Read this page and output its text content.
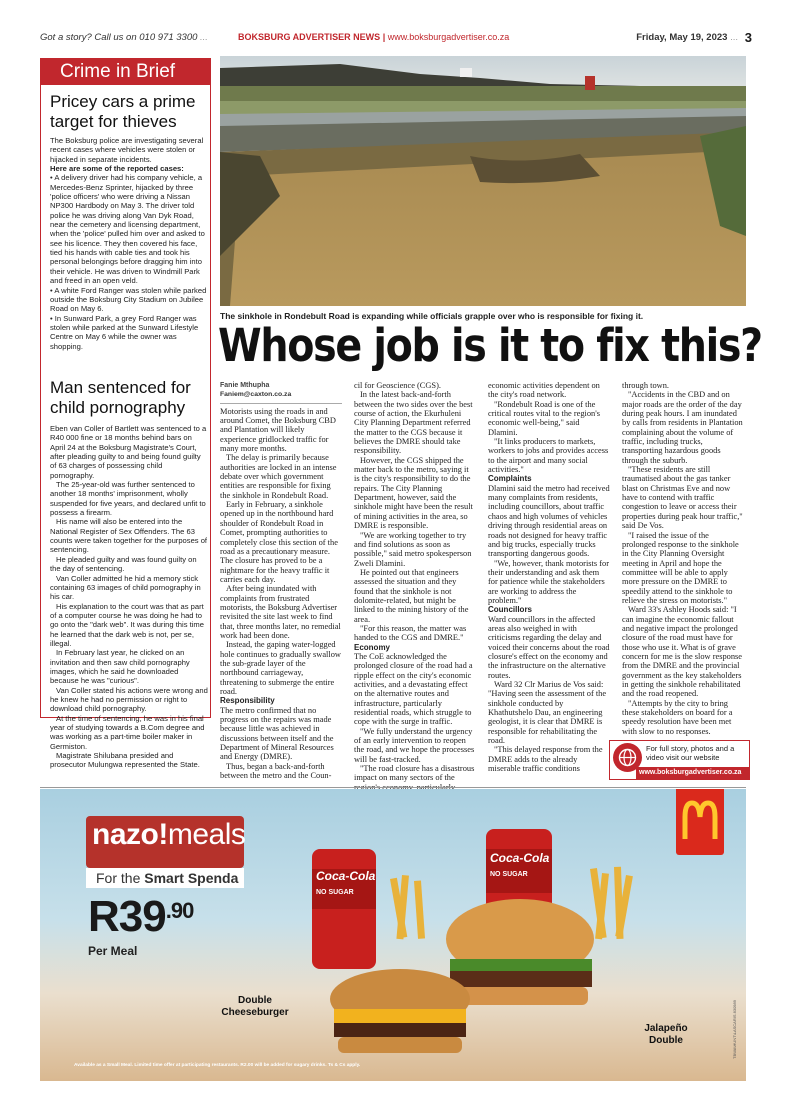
Got a story? Call us on 010 971 3300 ...	BOKSBURG ADVERTISER NEWS | www.boksburgadvertiser.co.za	Friday, May 19, 2023 ... 3
Crime in Brief
Pricey cars a prime target for thieves

The Boksburg police are investigating several recent cases where vehicles were stolen or hijacked in separate incidents.

Here are some of the reported cases:

• A delivery driver had his company vehicle, a Mercedes-Benz Sprinter, hijacked by three 'police officers' who were driving a Nissan NP300 Hardbody on May 3. The driver told police he was driving along Van Dyk Road, near the cemetery and licensing department, when the 'police' pulled him over and asked to see his licence. They then covered his face, tied his hands with cable ties and took his personal belongings before dragging him into their vehicle. He was driven to Windmill Park and freed in an open veld.

• A white Ford Ranger was stolen while parked outside the Boksburg City Stadium on Jubilee Road on May 6.

• In Sunward Park, a grey Ford Ranger was stolen while parked at the Sunward Lifestyle Centre on May 6 while the owner was shopping.

Man sentenced for child pornography

Eben van Coller of Bartlett was sentenced to a R40 000 fine or 18 months behind bars on April 24 at the Boksburg Magistrate's Court, after pleading guilty to and being found guilty of 63 charges of possessing child pornography.

The 25-year-old was further sentenced to another 18 months' imprisonment, wholly suspended for five years, and declared unfit to possess a firearm.

His name will also be entered into the National Register of Sex Offenders. The 63 counts were taken together for the purposes of sentencing.

He pleaded guilty and was found guilty on the day of sentencing.

Van Coller admitted he hid a memory stick containing 63 images of child pornography in his car.

His explanation to the court was that as part of a computer course he was doing he had to go onto the "dark web". It was during this time he learned that the dark web is not, per se, illegal.

In February last year, he clicked on an invitation and then saw child pornography images, which he said he downloaded because he was "curious".

Van Coller stated his actions were wrong and he knew he had no permission or right to download child pornography.

At the time of sentencing, he was in his final year of studying towards a B.Com degree and was working as a part-time boiler maker in Germiston.

Magistrate Shilubana presided and prosecutor Mulungwa represented the State.

The sinkhole in Rondebult Road is expanding while officials grapple over who is responsible for fixing it.
Whose job is it to fix this?
Fanie Mthupha
Faniem@caxton.co.za

Motorists using the roads in and around Comet, the Boksburg CBD and Plantation will likely experience gridlocked traffic for many more months.

The delay is primarily because authorities are locked in an intense debate over which government entities are responsible for fixing the sinkhole in Rondebult Road.

Early in February, a sinkhole opened up in the northbound hard shoulder of Rondebult Road in Comet, prompting authorities to completely close this section of the road as a precautionary measure. The closure has proved to be a nightmare for the heavy traffic it carries each day.

After being inundated with complaints from frustrated motorists, the Boksburg Advertiser revisited the site last week to find that, three months later, no remedial work had been done.

Instead, the gaping water-logged hole continues to gradually swallow the sub-grade layer of the northbound carriageway, threatening to submerge the entire road.

Responsibility

The metro confirmed that no progress on the repairs was made because little was achieved in discussions between itself and the Department of Mineral Resources and Energy (DMRE).

Thus, began a back-and-forth between the metro and the Coun-

cil for Geoscience (CGS).

In the latest back-and-forth between the two sides over the best course of action, the Ekurhuleni City Planning Department referred the matter to the CGS because it believes the DMRE should take responsibility.

However, the CGS shipped the matter back to the metro, saying it is the city's responsibility to do the repairs. The City Planning Department, however, said the sinkhole might have been the result of mining activities in the area, so DMRE is responsible.

"We are working together to try and find solutions as soon as possible," said metro spokesperson Zweli Dlamini.

He pointed out that engineers assessed the situation and they found that the sinkhole is not dolomite-related, but might be linked to the mining history of the area.

"For this reason, the matter was handed to the CGS and DMRE."

Economy

The CoE acknowledged the prolonged closure of the road had a ripple effect on the city's economic activities, and a devastating effect on the alternative routes and infrastructure, particularly residential roads, which struggle to cope with the surge in traffic.

"We fully understand the urgency of an early intervention to reopen the road, and we hope the processes will be fast-tracked.

"The road closure has a disastrous impact on many sectors of the

economic activities dependent on the city's road network.

"Rondebult Road is one of the critical routes vital to the region's economic well-being," said Dlamini.

"It links producers to markets, workers to jobs and provides access to the airport and many social activities."

Complaints

Dlamini said the metro had received many complaints from residents, including councillors, about traffic chaos and high volumes of vehicles driving through residential areas on roads not designed for heavy traffic and big trucks, especially trucks transporting dangerous goods.

"We, however, thank motorists for their understanding and ask them for patience while the stakeholders are working to address the problem."

Councillors

Ward councillors in the affected areas also weighed in with criticisms regarding the delay and voiced their concerns about the road closure's effect on the economy and the infrastructure on the alternative routes.

Ward 32 Clr Marius de Vos said: "Having seen the assessment of the sinkhole conducted by Khathutshelo Dau, an engineering geologist, it is clear that DMRE is responsible for rehabilitating the road.

"This delayed response from the DMRE adds to the already miserable traffic conditions

through town.

"Accidents in the CBD and on major roads are the order of the day during peak hours. I am inundated by calls from residents in Plantation complaining about the volume of traffic, including trucks, transporting hazardous goods through the suburb.

"These residents are still traumatised about the gas tanker blast on Christmas Eve and now have to contend with traffic congestion to leave or access their properties during peak hour traffic," said De Vos.

"I raised the issue of the prolonged response to the sinkhole in the City Planning Oversight meeting in April and hope the committee will be able to apply more pressure on the DMRE to speedily attend to the sinkhole to relieve the stress on motorists."

Ward 33's Ashley Hoods said: "I can imagine the economic fallout and negative impact the prolonged closure of the road must have for those who use it. What is of grave concern for me is the slow response from the DMRE and the provincial government as the key stakeholders in getting the sinkhole rehabilitated and the road reopened.

"Attempts by the city to bring these stakeholders on board for a speedy resolution have been met with slow to no responses.

For full story, photos and a video visit our website
www.boksburgadvertiser.co.za
nazo!meals
For the Smart Spenda
$R39^{.90}$
Per Meal
Coca-Cola
NO SUGAR
Coca-Cola
NO SUGAR
Double Cheeseburger
Jalapeño Double
Available as a Small Meal. Limited time offer at participating restaurants. R2.00 will be added for sugary drinks. Ts & Cs apply.
TBWA\HUNT\LASCARIS 830989
